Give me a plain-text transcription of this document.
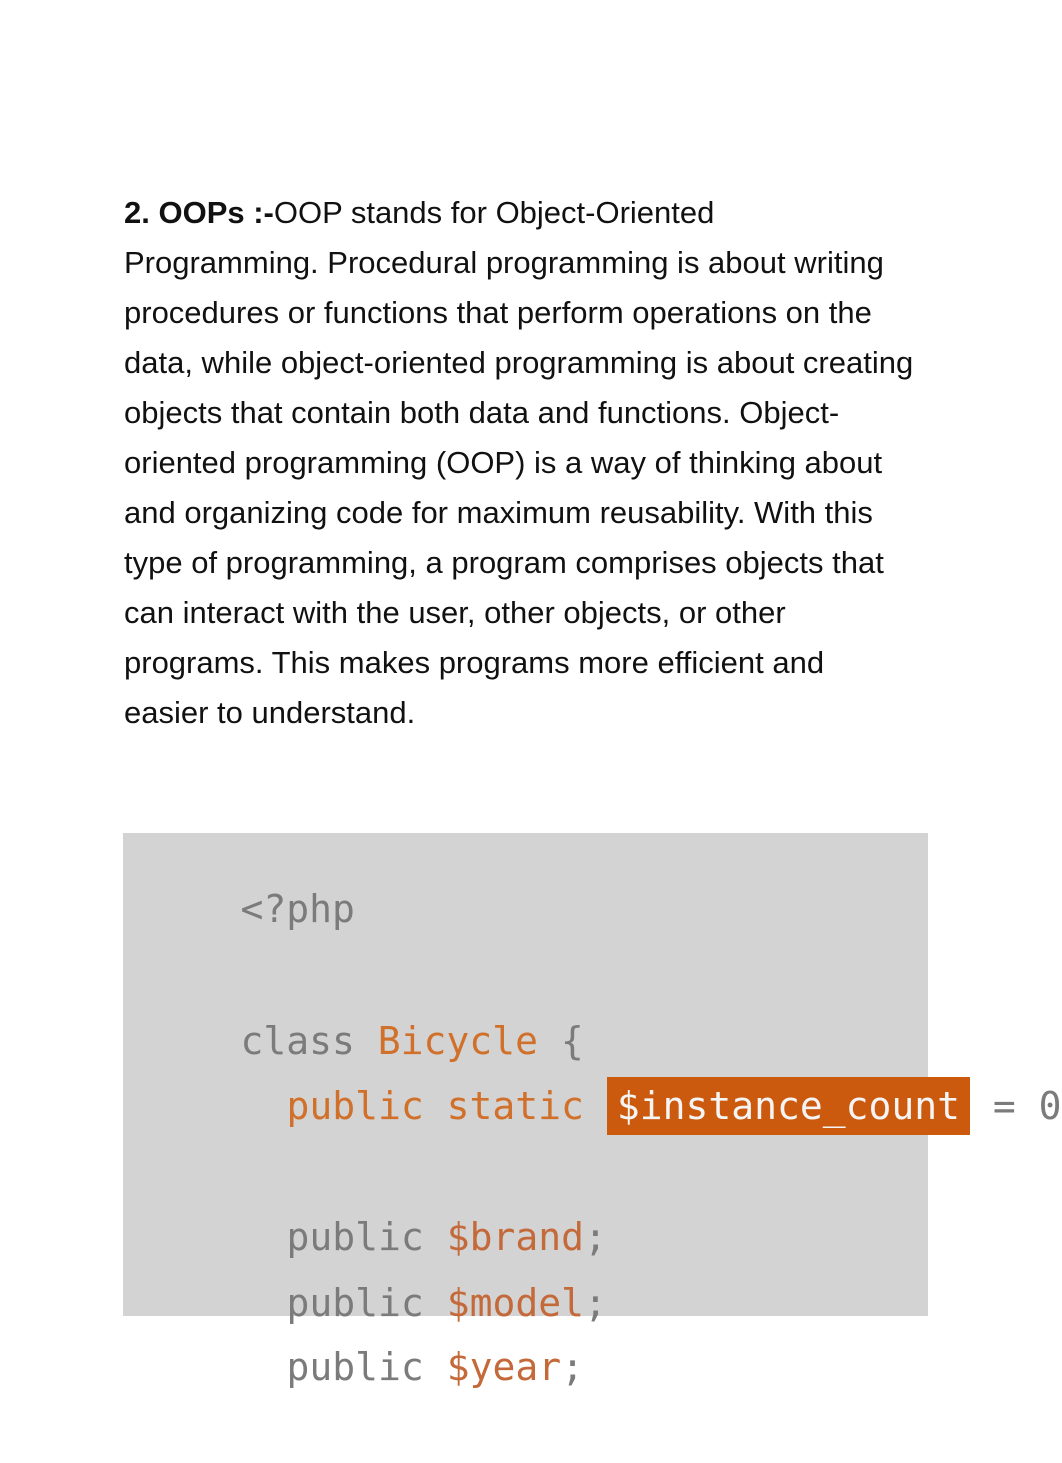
2. OOPs :-OOP stands for Object-Oriented Programming. Procedural programming is about writing procedures or functions that perform operations on the data, while object-oriented programming is about creating objects that contain both data and functions. Object-oriented programming (OOP) is a way of thinking about and organizing code for maximum reusability. With this type of programming, a program comprises objects that can interact with the user, other objects, or other programs. This makes programs more efficient and easier to understand.

<?php

class Bicycle {

public static $instance_count = 0

public $brand;

public $model;

public $year;
